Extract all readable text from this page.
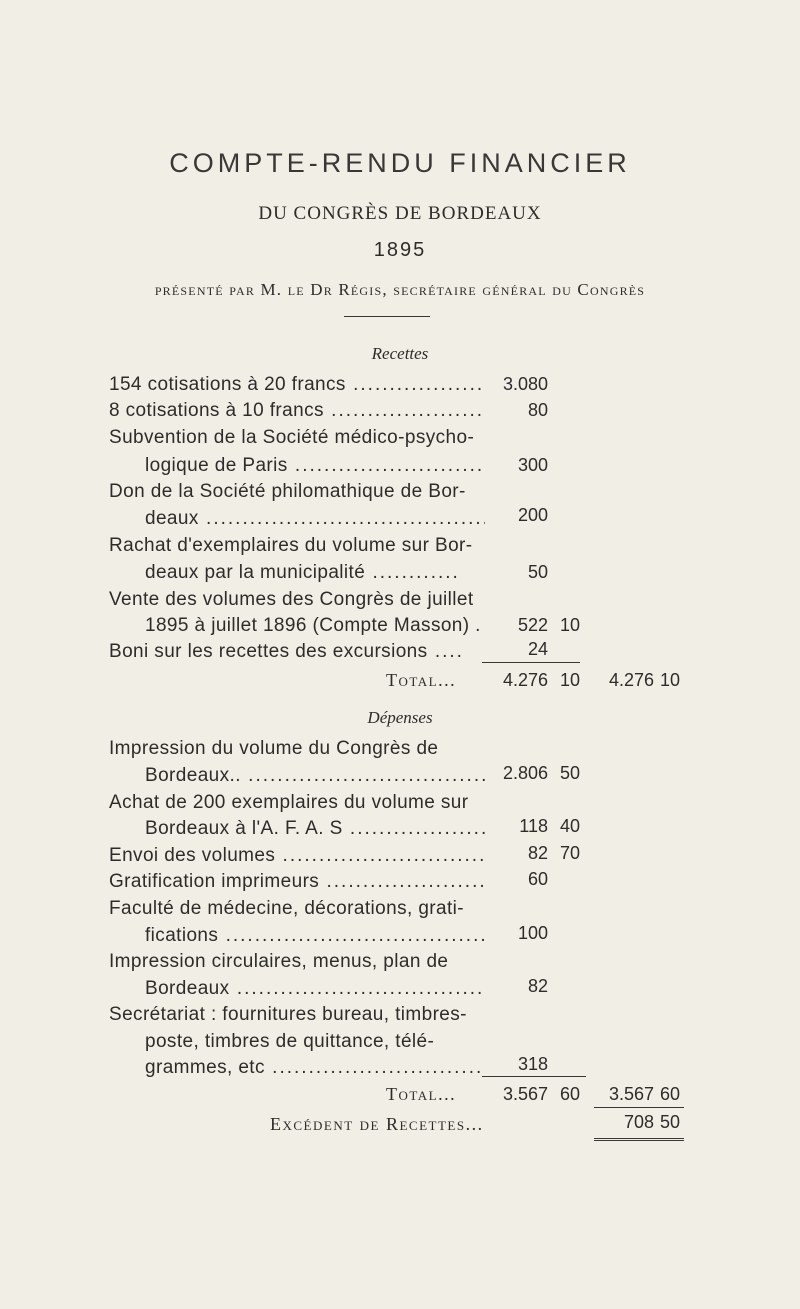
COMPTE-RENDU FINANCIER
DU CONGRÈS DE BORDEAUX
1895
présenté par M. le Dr Régis, secrétaire général du Congrès
Recettes
154 cotisations à 20 francs .....	3.080
8 cotisations à 10 francs .....	80
Subvention de la Société médico-psycho-
logique de Paris .....	300
Don de la Société philomathique de Bor-
deaux .....	200
Rachat d'exemplaires du volume sur Bor-
deaux par la municipalité .....	50
Vente des volumes des Congrès de juillet
1895 à juillet 1896 (Compte Masson) .	522 10
Boni sur les recettes des excursions .....	24
Total...	4.276 10	4.276 10
Dépenses
Impression du volume du Congrès de
Bordeaux.. .....	2.806 50
Achat de 200 exemplaires du volume sur
Bordeaux à l'A. F. A. S .....	118 40
Envoi des volumes .....	82 70
Gratification imprimeurs .....	60
Faculté de médecine, décorations, grati-
fications .....	100
Impression circulaires, menus, plan de
Bordeaux .....	82
Secrétariat : fournitures bureau, timbres-
poste, timbres de quittance, télé-
grammes, etc .....	318
Total...	3.567 60	3.567 60
Excédent de Recettes...	708 50
